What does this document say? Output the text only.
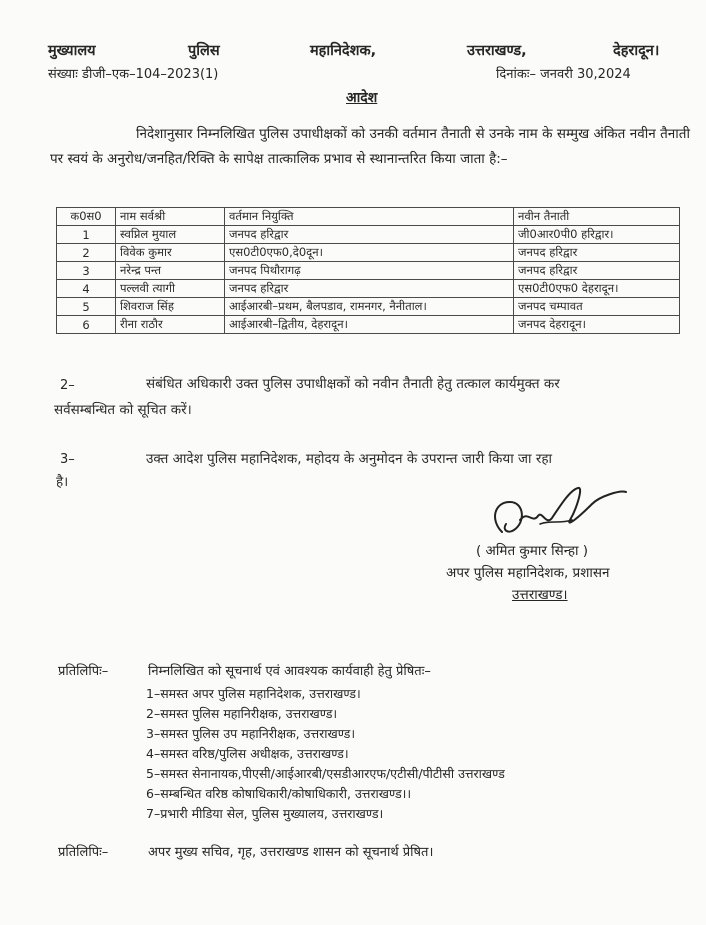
मुख्यालय	पुलिस	महानिदेशक,	उत्तराखण्ड,	देहरादून।
संख्याः डीजी–एक–104–2023(1)	दिनांकः– जनवरी 30,2024
आदेश
निदेशानुसार निम्नलिखित पुलिस उपाधीक्षकों को उनकी वर्तमान तैनाती से उनके नाम के सम्मुख अंकित नवीन तैनाती पर स्वयं के अनुरोध/जनहित/रिक्ति के सापेक्ष तात्कालिक प्रभाव से स्थानान्तरित किया जाता है:–
क0स0	नाम सर्वश्री	वर्तमान नियुक्ति	नवीन तैनाती
1	स्वप्निल मुयाल	जनपद हरिद्वार	जी0आर0पी0 हरिद्वार।
2	विवेक कुमार	एस0टी0एफ0,दे0दून।	जनपद हरिद्वार
3	नरेन्द्र पन्त	जनपद पिथौरागढ़	जनपद हरिद्वार
4	पल्लवी त्यागी	जनपद हरिद्वार	एस0टी0एफ0 देहरादून।
5	शिवराज सिंह	आईआरबी–प्रथम, बैलपडाव, रामनगर, नैनीताल।	जनपद चम्पावत
6	रीना राठौर	आईआरबी–द्वितीय, देहरादून।	जनपद देहरादून।
2–	संबंधित अधिकारी उक्त पुलिस उपाधीक्षकों को नवीन तैनाती हेतु तत्काल कार्यमुक्त कर
सर्वसम्बन्धित को सूचित करें।
3–	उक्त आदेश पुलिस महानिदेशक, महोदय के अनुमोदन के उपरान्त जारी किया जा रहा
है।
( अमित कुमार सिन्हा )
अपर पुलिस महानिदेशक, प्रशासन
उत्तराखण्ड।
प्रतिलिपिः–	निम्नलिखित को सूचनार्थ एवं आवश्यक कार्यवाही हेतु प्रेषितः–
1–समस्त अपर पुलिस महानिदेशक, उत्तराखण्ड।
2–समस्त पुलिस महानिरीक्षक, उत्तराखण्ड।
3–समस्त पुलिस उप महानिरीक्षक, उत्तराखण्ड।
4–समस्त वरिष्ठ/पुलिस अधीक्षक, उत्तराखण्ड।
5–समस्त सेनानायक,पीएसी/आईआरबी/एसडीआरएफ/एटीसी/पीटीसी उत्तराखण्ड
6–सम्बन्धित वरिष्ठ कोषाधिकारी/कोषाधिकारी, उत्तराखण्ड।।
7–प्रभारी मीडिया सेल, पुलिस मुख्यालय, उत्तराखण्ड।
प्रतिलिपिः–	अपर मुख्य सचिव, गृह, उत्तराखण्ड शासन को सूचनार्थ प्रेषित।
